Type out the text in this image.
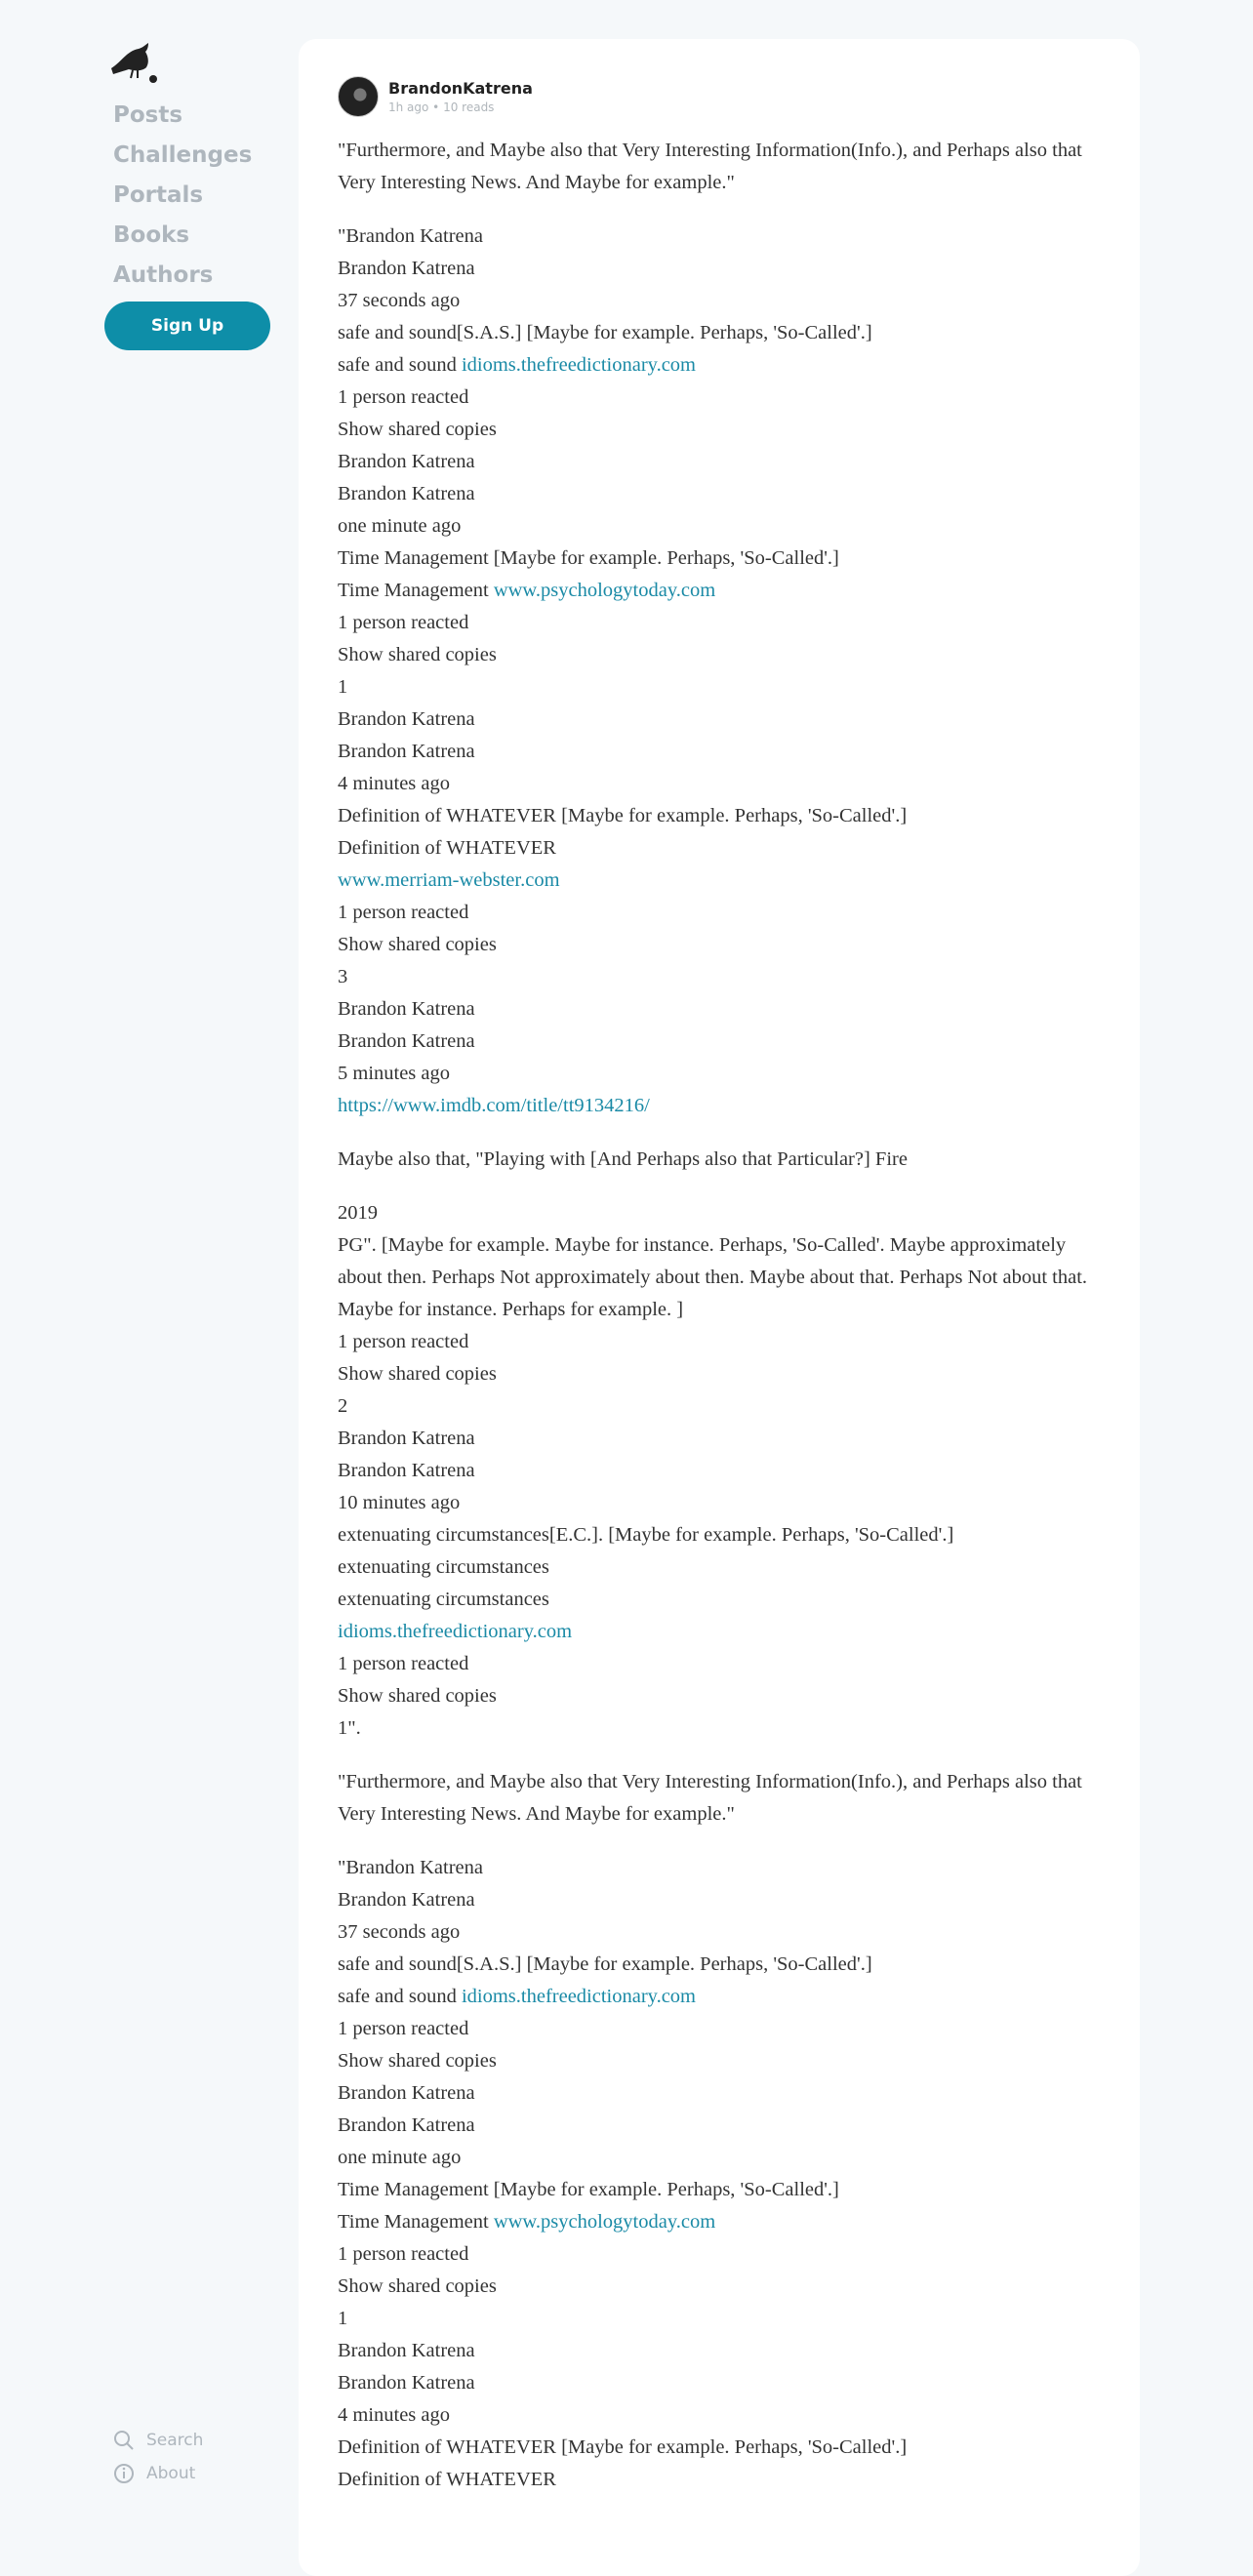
Posts
Challenges
Portals
Books
Authors
Sign Up
Search
About
BrandonKatrena
1h ago • 10 reads

"Furthermore, and Maybe also that Very Interesting Information(Info.), and Perhaps also that Very Interesting News. And Maybe for example."

"Brandon Katrena
Brandon Katrena
37 seconds ago
safe and sound[S.A.S.] [Maybe for example. Perhaps, 'So-Called'.]
safe and sound idioms.thefreedictionary.com
1 person reacted
Show shared copies
Brandon Katrena
Brandon Katrena
one minute ago
Time Management [Maybe for example. Perhaps, 'So-Called'.]
Time Management www.psychologytoday.com
1 person reacted
Show shared copies
1
Brandon Katrena
Brandon Katrena
4 minutes ago
Definition of WHATEVER [Maybe for example. Perhaps, 'So-Called'.]
Definition of WHATEVER
www.merriam-webster.com
1 person reacted
Show shared copies
3
Brandon Katrena
Brandon Katrena
5 minutes ago
https://www.imdb.com/title/tt9134216/

Maybe also that, "Playing with [And Perhaps also that Particular?] Fire

2019
PG". [Maybe for example. Maybe for instance. Perhaps, 'So-Called'. Maybe approximately about then. Perhaps Not approximately about then. Maybe about that. Perhaps Not about that. Maybe for instance. Perhaps for example. ]
1 person reacted
Show shared copies
2
Brandon Katrena
Brandon Katrena
10 minutes ago
extenuating circumstances[E.C.]. [Maybe for example. Perhaps, 'So-Called'.]
extenuating circumstances
extenuating circumstances
idioms.thefreedictionary.com
1 person reacted
Show shared copies
1".

"Furthermore, and Maybe also that Very Interesting Information(Info.), and Perhaps also that Very Interesting News. And Maybe for example."

"Brandon Katrena
Brandon Katrena
37 seconds ago
safe and sound[S.A.S.] [Maybe for example. Perhaps, 'So-Called'.]
safe and sound idioms.thefreedictionary.com
1 person reacted
Show shared copies
Brandon Katrena
Brandon Katrena
one minute ago
Time Management [Maybe for example. Perhaps, 'So-Called'.]
Time Management www.psychologytoday.com
1 person reacted
Show shared copies
1
Brandon Katrena
Brandon Katrena
4 minutes ago
Definition of WHATEVER [Maybe for example. Perhaps, 'So-Called'.]
Definition of WHATEVER
